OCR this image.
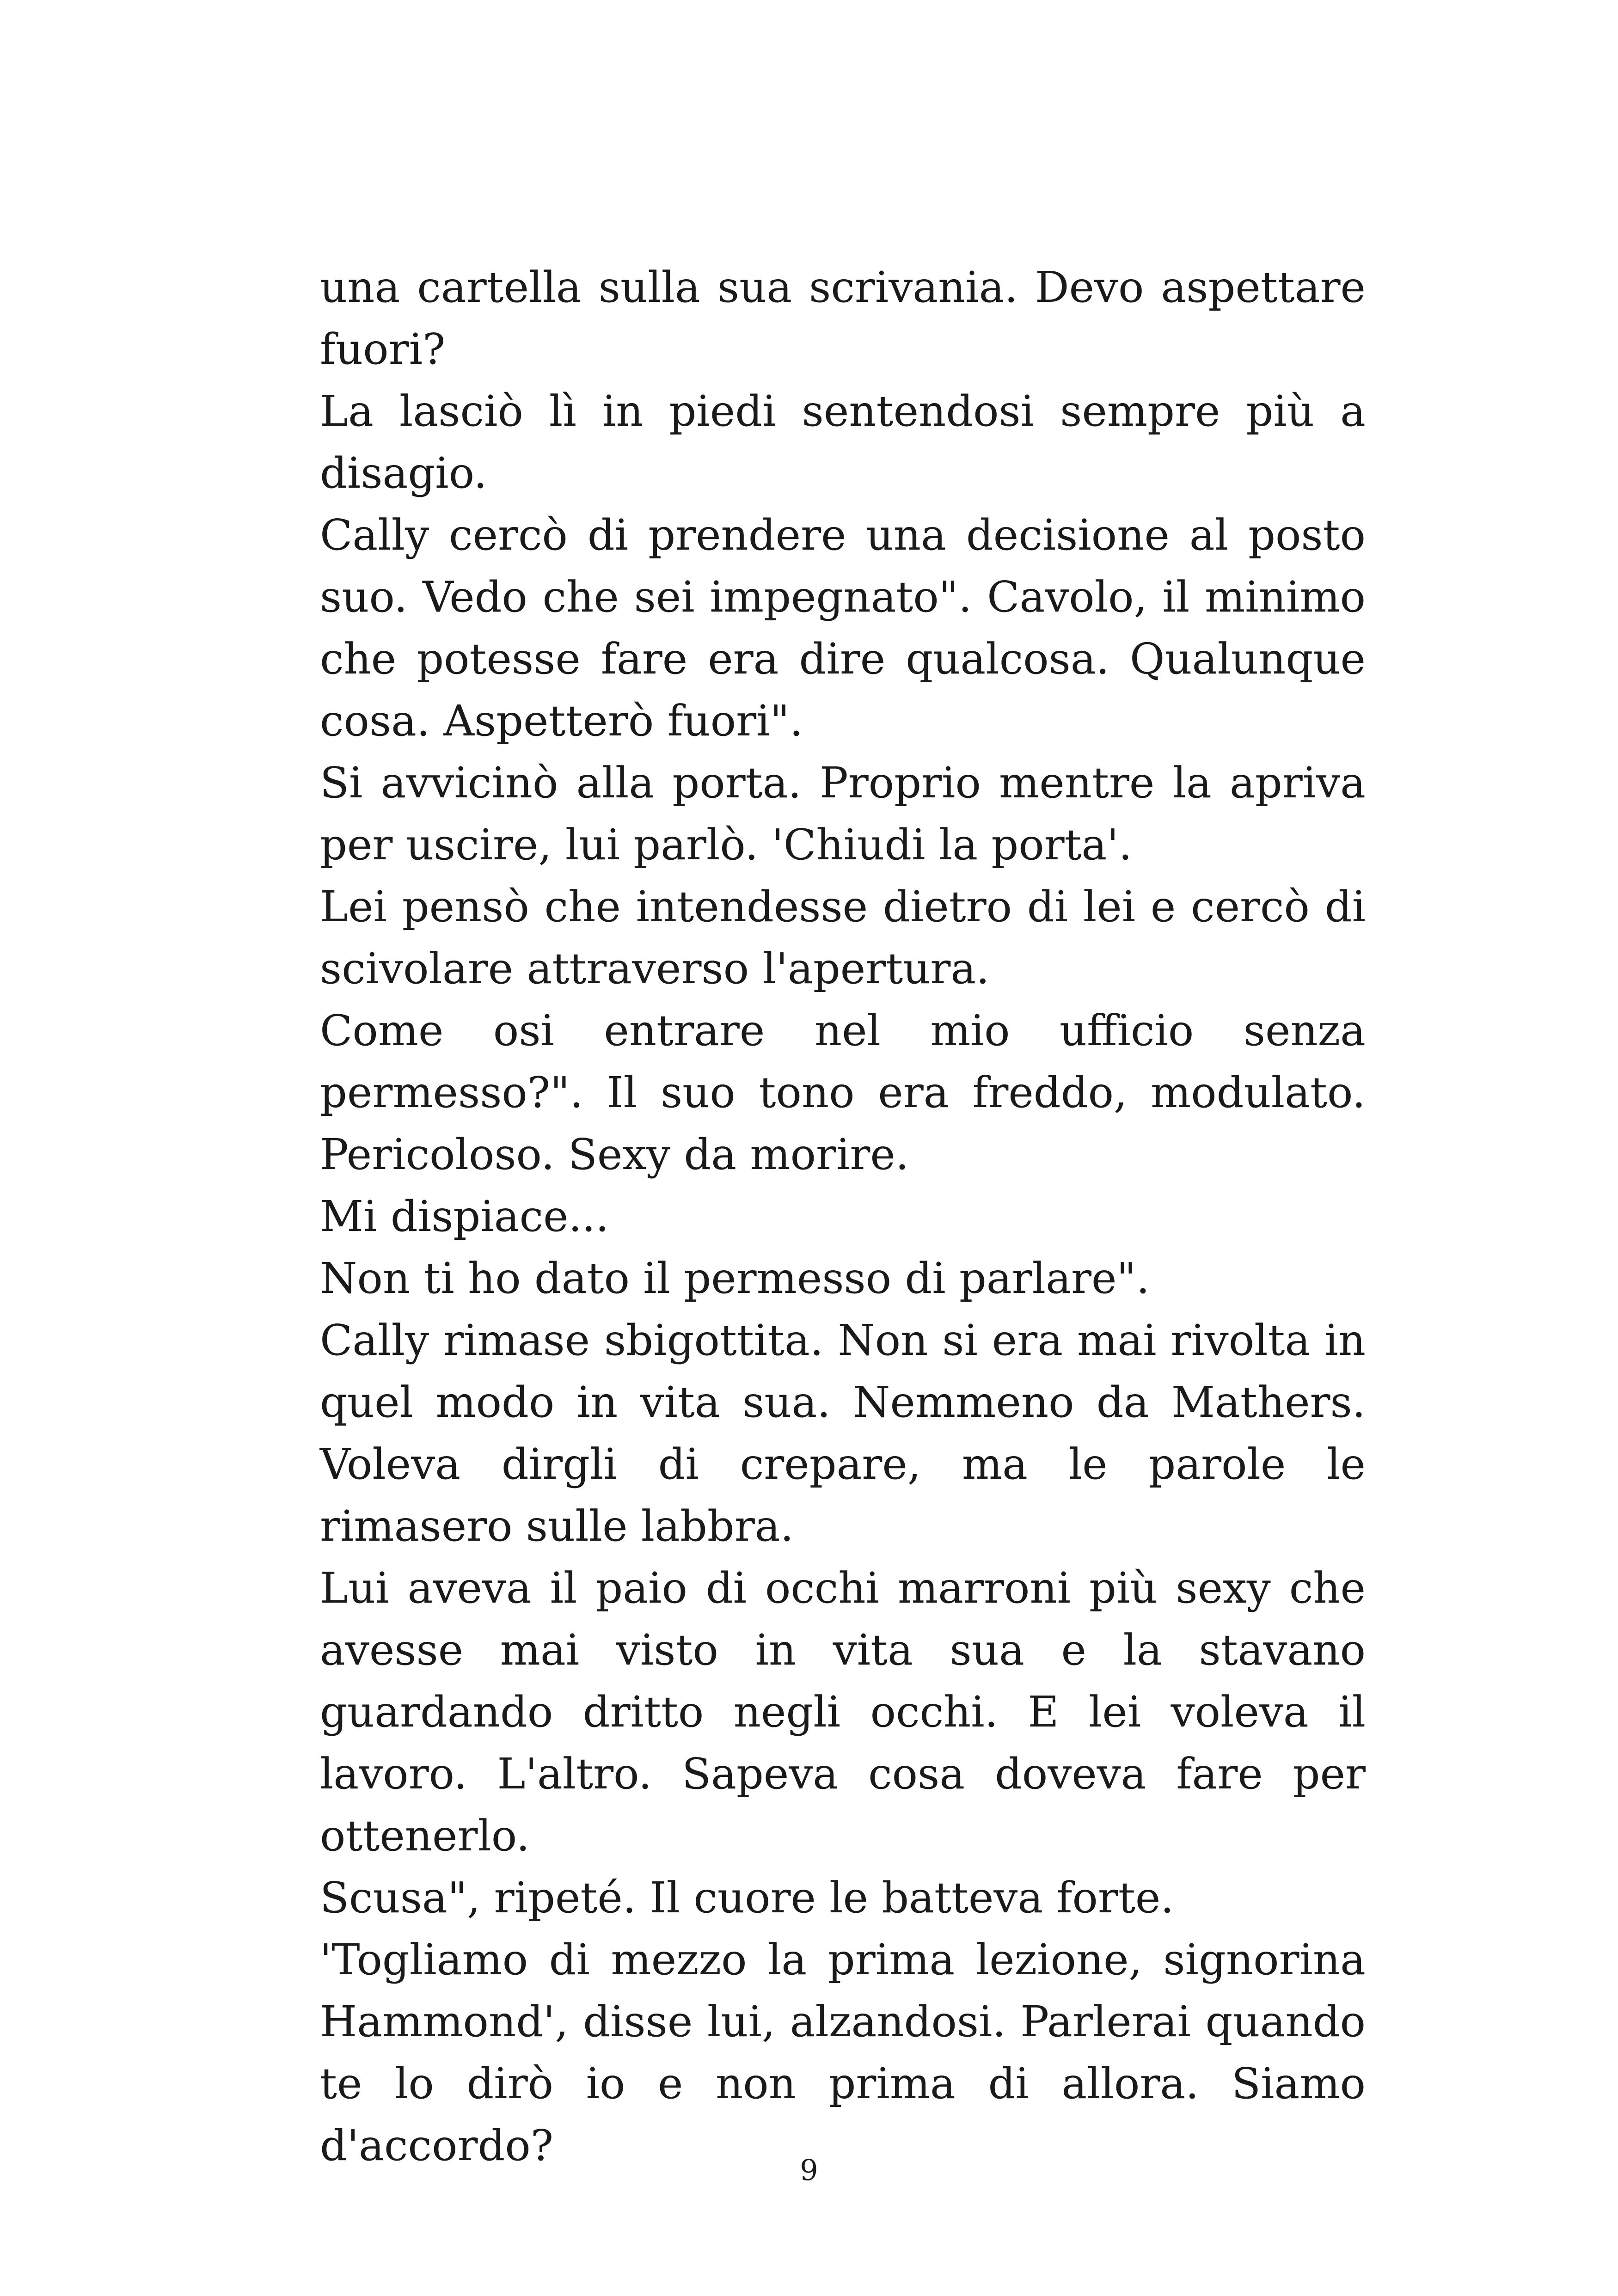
una cartella sulla sua scrivania. Devo aspettare fuori?

La lasciò lì in piedi sentendosi sempre più a disagio.

Cally cercò di prendere una decisione al posto suo. Vedo che sei impegnato". Cavolo, il minimo che potesse fare era dire qualcosa. Qualunque cosa. Aspetterò fuori".

Si avvicinò alla porta. Proprio mentre la apriva per uscire, lui parlò. 'Chiudi la porta'.

Lei pensò che intendesse dietro di lei e cercò di scivolare attraverso l'apertura.

Come osi entrare nel mio ufficio senza permesso?". Il suo tono era freddo, modulato. Pericoloso. Sexy da morire.

Mi dispiace...

Non ti ho dato il permesso di parlare".

Cally rimase sbigottita. Non si era mai rivolta in quel modo in vita sua. Nemmeno da Mathers. Voleva dirgli di crepare, ma le parole le rimasero sulle labbra.

Lui aveva il paio di occhi marroni più sexy che avesse mai visto in vita sua e la stavano guardando dritto negli occhi. E lei voleva il lavoro. L'altro. Sapeva cosa doveva fare per ottenerlo.

Scusa", ripeté. Il cuore le batteva forte.

'Togliamo di mezzo la prima lezione, signorina Hammond', disse lui, alzandosi. Parlerai quando te lo dirò io e non prima di allora. Siamo d'accordo?	9
